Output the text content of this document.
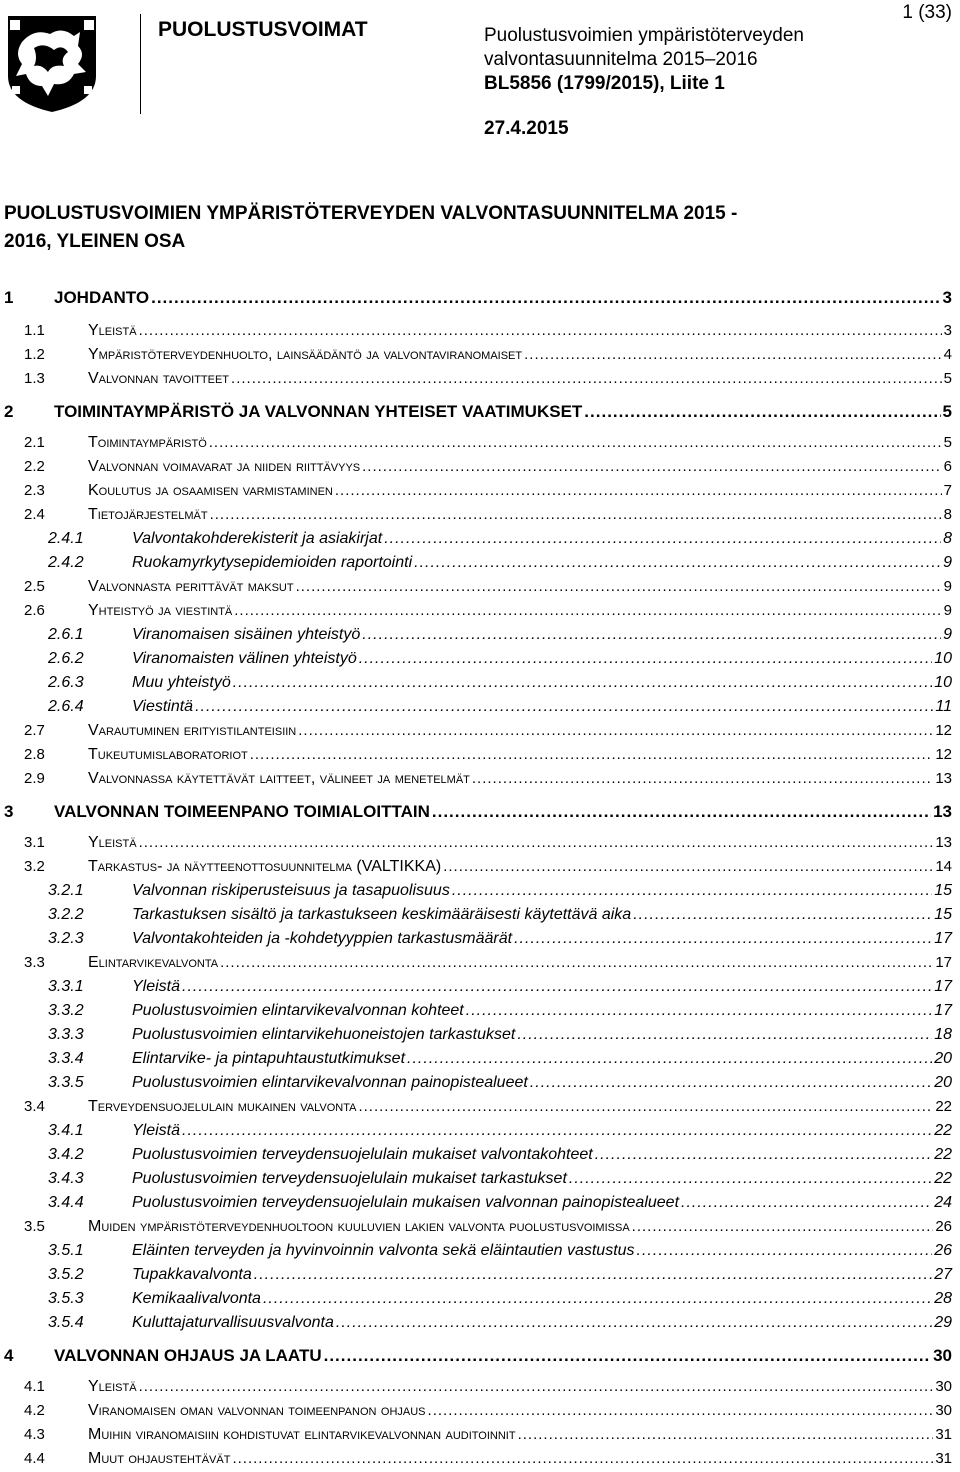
PUOLUSTUSVOIMAT	Puolustusvoimien ympäristöterveyden
valvontasuunnitelma 2015–2016
BL5856 (1799/2015), Liite 1
1 (33)
27.4.2015
PUOLUSTUSVOIMIEN YMPÄRISTÖTERVEYDEN VALVONTASUUNNITELMA 2015 -
2016, YLEINEN OSA
1	JOHDANTO .....	3
1.1	Yleistä .....	3
1.2	Ympäristöterveydenhuolto, lainsäädäntö ja valvontaviranomaiset .....	4
1.3	Valvonnan tavoitteet .....	5
2	TOIMINTAYMPÄRISTÖ JA VALVONNAN YHTEISET VAATIMUKSET .....	5
2.1	Toimintaympäristö .....	5
2.2	Valvonnan voimavarat ja niiden riittävyys .....	6
2.3	Koulutus ja osaamisen varmistaminen .....	7
2.4	Tietojärjestelmät .....	8
2.4.1	Valvontakohderekisterit ja asiakirjat .....	8
2.4.2	Ruokamyrkytysepidemioiden raportointi .....	9
2.5	Valvonnasta perittävät maksut .....	9
2.6	Yhteistyö ja viestintä .....	9
2.6.1	Viranomaisen sisäinen yhteistyö .....	9
2.6.2	Viranomaisten välinen yhteistyö .....	10
2.6.3	Muu yhteistyö .....	10
2.6.4	Viestintä .....	11
2.7	Varautuminen erityistilanteisiin .....	12
2.8	Tukeutumislaboratoriot .....	12
2.9	Valvonnassa käytettävät laitteet, välineet ja menetelmät .....	13
3	VALVONNAN TOIMEENPANO TOIMIALOITTAIN .....	13
3.1	Yleistä .....	13
3.2	Tarkastus- ja näytteenottosuunnitelma (VALTIKKA) .....	14
3.2.1	Valvonnan riskiperusteisuus ja tasapuolisuus .....	15
3.2.2	Tarkastuksen sisältö ja tarkastukseen keskimääräisesti käytettävä aika .....	15
3.2.3	Valvontakohteiden ja -kohdetyyppien tarkastusmäärät .....	17
3.3	Elintarvikevalvonta .....	17
3.3.1	Yleistä .....	17
3.3.2	Puolustusvoimien elintarvikevalvonnan kohteet .....	17
3.3.3	Puolustusvoimien elintarvikehuoneistojen tarkastukset .....	18
3.3.4	Elintarvike- ja pintapuhtaustutkimukset .....	20
3.3.5	Puolustusvoimien elintarvikevalvonnan painopistealueet .....	20
3.4	Terveydensuojelulain mukainen valvonta .....	22
3.4.1	Yleistä .....	22
3.4.2	Puolustusvoimien terveydensuojelulain mukaiset valvontakohteet .....	22
3.4.3	Puolustusvoimien terveydensuojelulain mukaiset tarkastukset .....	22
3.4.4	Puolustusvoimien terveydensuojelulain mukaisen valvonnan painopistealueet .....	24
3.5	Muiden ympäristöterveydenhuoltoon kuuluvien lakien valvonta puolustusvoimissa .....	26
3.5.1	Eläinten terveyden ja hyvinvoinnin valvonta sekä eläintautien vastustus .....	26
3.5.2	Tupakkavalvonta .....	27
3.5.3	Kemikaalivalvonta .....	28
3.5.4	Kuluttajaturvallisuusvalvonta .....	29
4	VALVONNAN OHJAUS JA LAATU .....	30
4.1	Yleistä .....	30
4.2	Viranomaisen oman valvonnan toimeenpanon ohjaus .....	30
4.3	Muihin viranomaisiin kohdistuvat elintarvikevalvonnan auditoinnit .....	31
4.4	Muut ohjaustehtävät .....	31
